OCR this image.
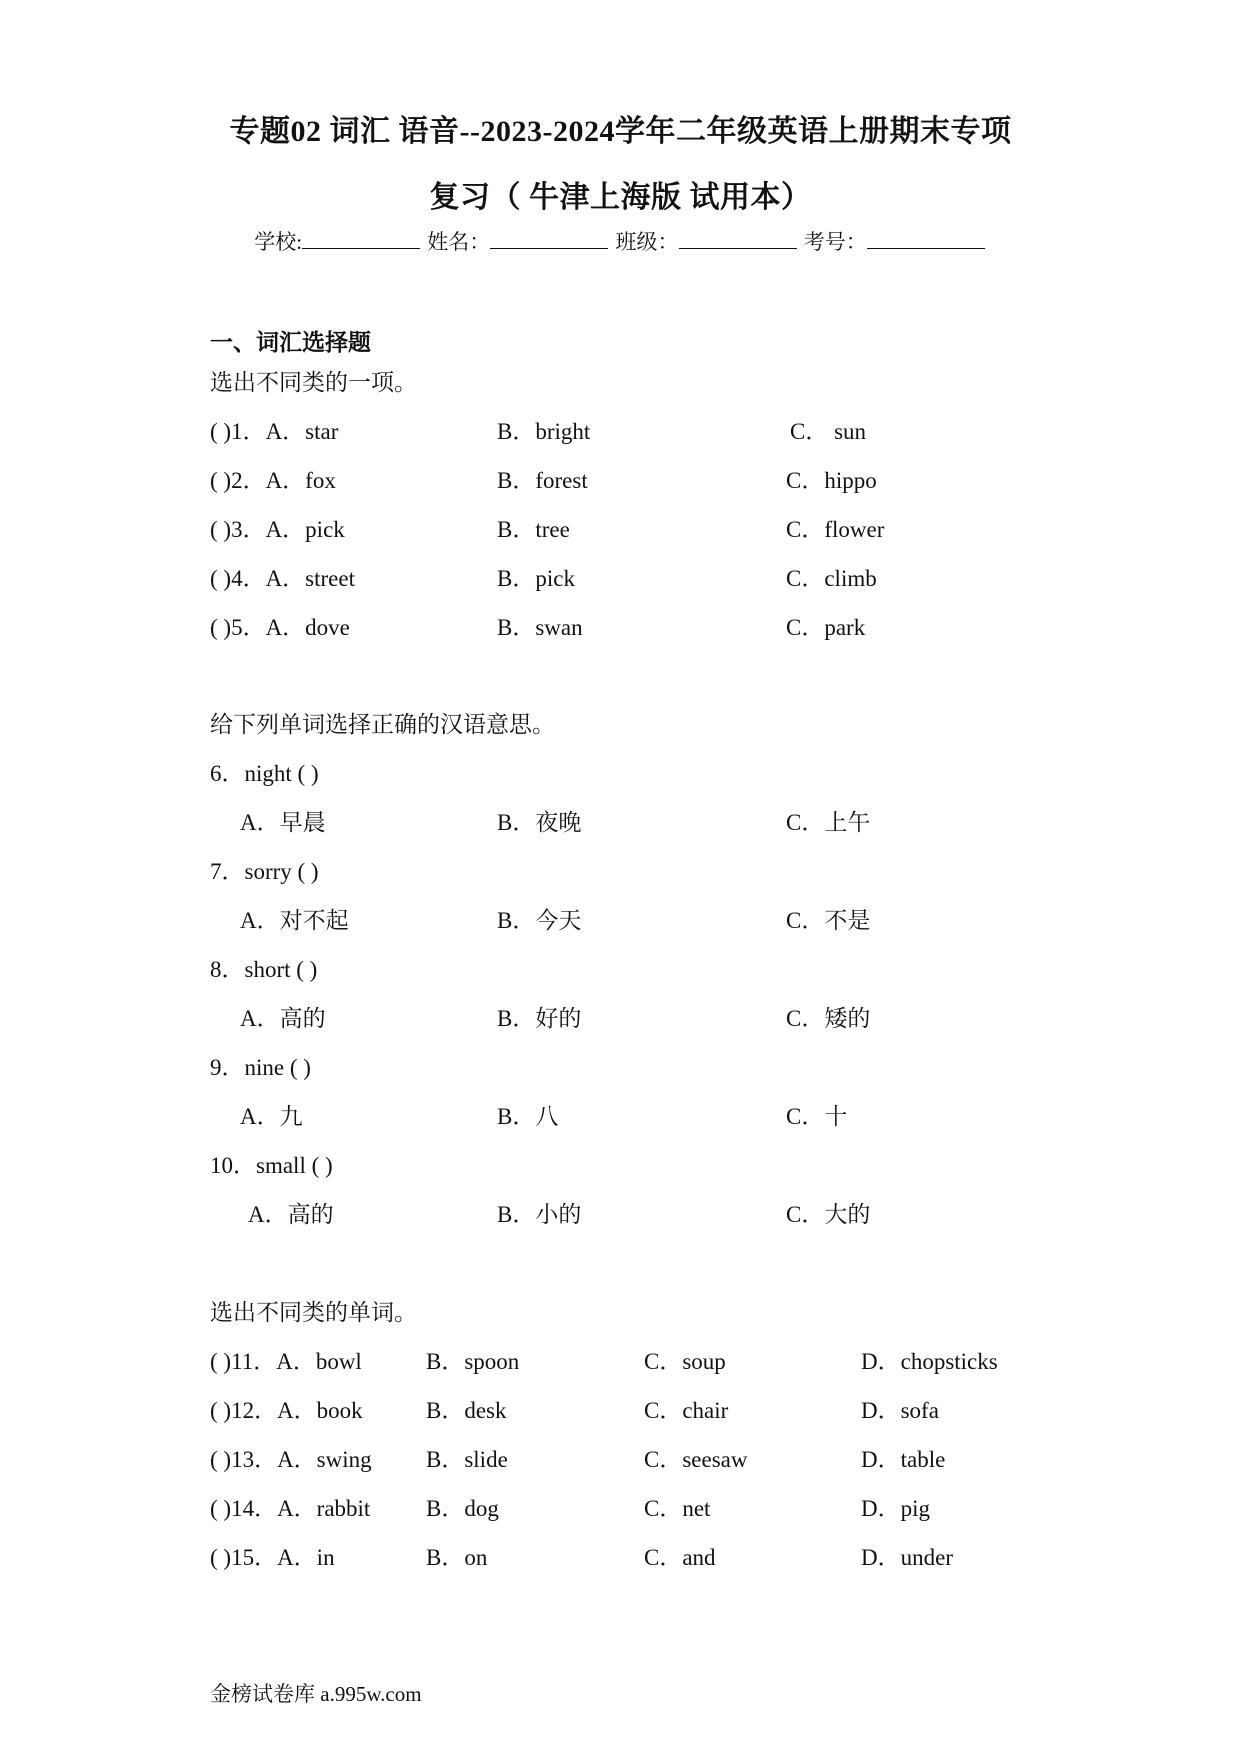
专题02 词汇 语音--2023-2024学年二年级英语上册期末专项
复习（ 牛津上海版 试用本）
学校:	姓名：	班级：	考号：
一、词汇选择题
选出不同类的一项。
( )1．A．star	B．bright	C． sun
( )2．A．fox	B．forest	C．hippo
( )3．A．pick	B．tree	C．flower
( )4．A．street	B．pick	C．climb
( )5．A．dove	B．swan	C．park
给下列单词选择正确的汉语意思。
6．night ( )
A．早晨	B．夜晚	C．上午
7．sorry ( )
A．对不起	B．今天	C．不是
8．short ( )
A．高的	B．好的	C．矮的
9．nine ( )
A．九	B．八	C．十
10．small ( )
A．高的	B．小的	C．大的
选出不同类的单词。
( )11．A．bowl	B．spoon	C．soup	D．chopsticks
( )12．A．book	B．desk	C．chair	D．sofa
( )13．A．swing B．slide	C．seesaw	D．table
( )14．A．rabbit B．dog	C．net	D．pig
( )15．A．in	B．on	C．and	D．under
金榜试卷库 a.995w.com
